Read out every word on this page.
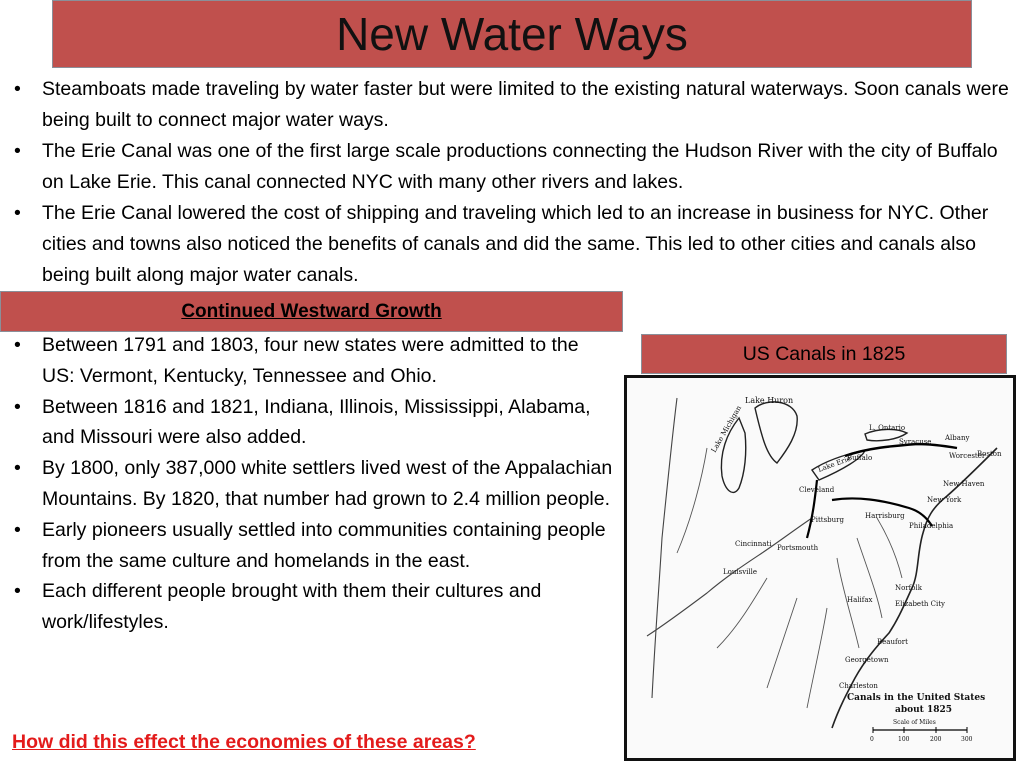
New Water Ways
• Steamboats made traveling by water faster but were limited to the existing natural waterways. Soon canals were being built to connect major water ways.
• The Erie Canal was one of the first large scale productions connecting the Hudson River with the city of Buffalo on Lake Erie. This canal connected NYC with many other rivers and lakes.
• The Erie Canal lowered the cost of shipping and traveling which led to an increase in business for NYC. Other cities and towns also noticed the benefits of canals and did the same. This led to other cities and canals also being built along major water canals.
Continued Westward Growth
• Between 1791 and 1803, four new states were admitted to the US: Vermont, Kentucky, Tennessee and Ohio.
• Between 1816 and 1821, Indiana, Illinois, Mississippi, Alabama, and Missouri were also added.
• By 1800, only 387,000 white settlers lived west of the Appalachian Mountains. By 1820, that number had grown to 2.4 million people.
• Early pioneers usually settled into communities containing people from the same culture and homelands in the east.
• Each different people brought with them their cultures and work/lifestyles.
How did this effect the economies of these areas?
US Canals in 1825
Lake Huron
Lake Michigan
Lake Erie
L. Ontario
Syracuse Albany
Boston
Worcester
New Haven
New York
Buffalo
Cleveland
Pittsburg	Harrisburg
Philadelphia
Cincinnati Portsmouth
Louisville
Norfolk
Elizabeth City
Halifax
Beaufort
Georgetown
Charleston
Canals in the United States
about 1825
Scale of Miles
0	100	200	300
